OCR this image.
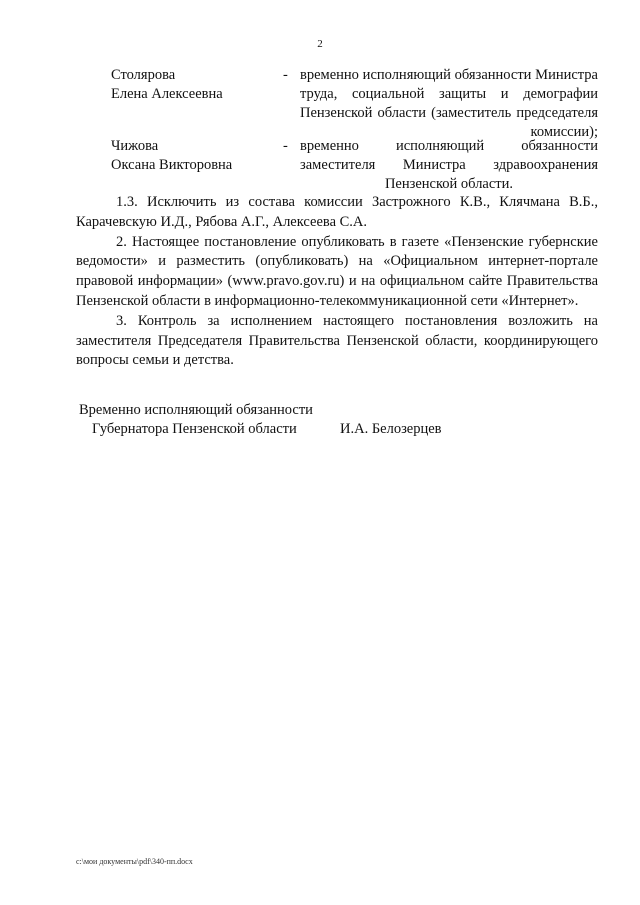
2
Столярова
Елена Алексеевна
- временно исполняющий обязанности Министра труда, социальной защиты и демографии Пензенской области (заместитель председателя комиссии);
Чижова
Оксана Викторовна
- временно исполняющий обязанности заместителя Министра здравоохранения Пензенской области.

1.3. Исключить из состава комиссии Застрожного К.В., Клячмана В.Б., Карачевскую И.Д., Рябова А.Г., Алексеева С.А.

2. Настоящее постановление опубликовать в газете «Пензенские губернские ведомости» и разместить (опубликовать) на «Официальном интернет-портале правовой информации» (www.pravo.gov.ru) и на официальном сайте Правительства Пензенской области в информационно-телекоммуникационной сети «Интернет».

3. Контроль за исполнением настоящего постановления возложить на заместителя Председателя Правительства Пензенской области, координирующего вопросы семьи и детства.

Временно исполняющий обязанности
Губернатора Пензенской области	И.А. Белозерцев
c:\мои документы\pdf\340-пп.docx
